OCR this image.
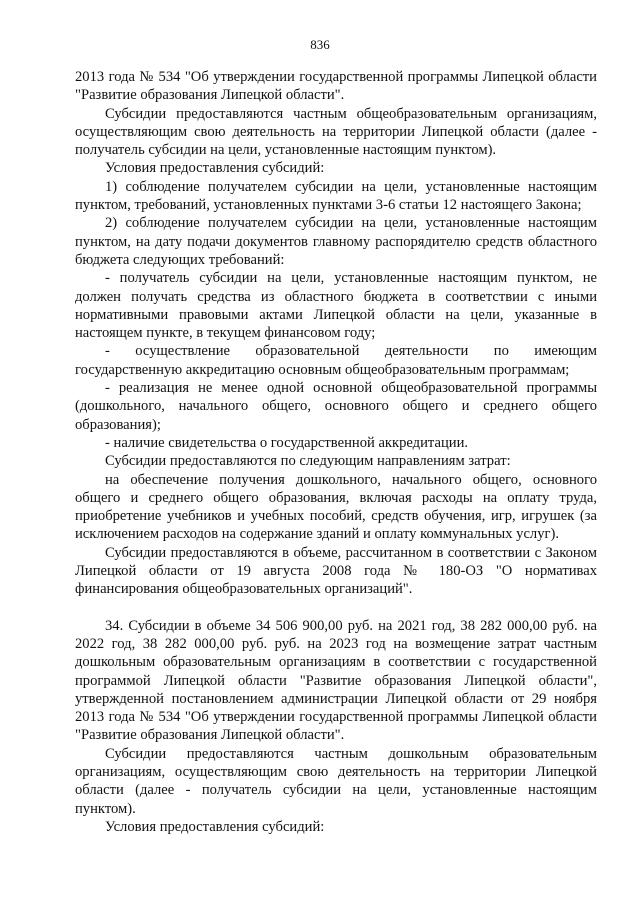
836

2013 года № 534 "Об утверждении государственной программы Липецкой области "Развитие образования Липецкой области".

Субсидии предоставляются частным общеобразовательным организациям, осуществляющим свою деятельность на территории Липецкой области (далее - получатель субсидии на цели, установленные настоящим пунктом).

Условия предоставления субсидий:

1) соблюдение получателем субсидии на цели, установленные настоящим пунктом, требований, установленных пунктами 3-6 статьи 12 настоящего Закона;

2) соблюдение получателем субсидии на цели, установленные настоящим пунктом, на дату подачи документов главному распорядителю средств областного бюджета следующих требований:

- получатель субсидии на цели, установленные настоящим пунктом, не должен получать средства из областного бюджета в соответствии с иными нормативными правовыми актами Липецкой области на цели, указанные в настоящем пункте, в текущем финансовом году;

- осуществление образовательной деятельности по имеющим государственную аккредитацию основным общеобразовательным программам;

- реализация не менее одной основной общеобразовательной программы (дошкольного, начального общего, основного общего и среднего общего образования);

- наличие свидетельства о государственной аккредитации.

Субсидии предоставляются по следующим направлениям затрат:

на обеспечение получения дошкольного, начального общего, основного общего и среднего общего образования, включая расходы на оплату труда, приобретение учебников и учебных пособий, средств обучения, игр, игрушек (за исключением расходов на содержание зданий и оплату коммунальных услуг).

Субсидии предоставляются в объеме, рассчитанном в соответствии с Законом Липецкой области от 19 августа 2008 года № 180-ОЗ "О нормативах финансирования общеобразовательных организаций".

34. Субсидии в объеме 34 506 900,00 руб. на 2021 год, 38 282 000,00 руб. на 2022 год, 38 282 000,00 руб. руб. на 2023 год на возмещение затрат частным дошкольным образовательным организациям в соответствии с государственной программой Липецкой области "Развитие образования Липецкой области", утвержденной постановлением администрации Липецкой области от 29 ноября 2013 года № 534 "Об утверждении государственной программы Липецкой области "Развитие образования Липецкой области".

Субсидии предоставляются частным дошкольным образовательным организациям, осуществляющим свою деятельность на территории Липецкой области (далее - получатель субсидии на цели, установленные настоящим пунктом).

Условия предоставления субсидий:
